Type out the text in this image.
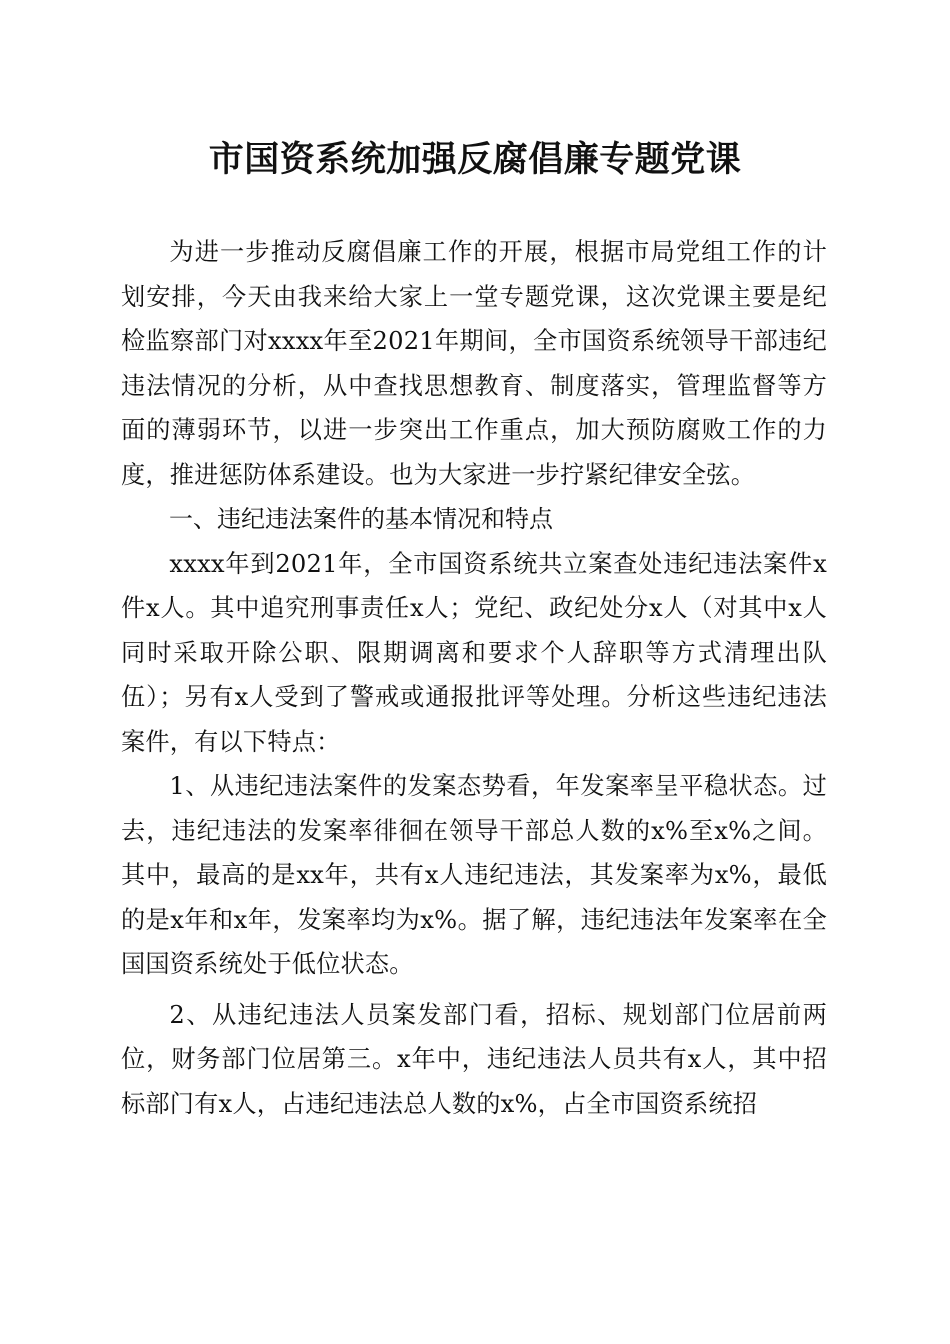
市国资系统加强反腐倡廉专题党课

为进一步推动反腐倡廉工作的开展，根据市局党组工作的计划安排，今天由我来给大家上一堂专题党课，这次党课主要是纪检监察部门对xxxx年至2021年期间，全市国资系统领导干部违纪违法情况的分析，从中查找思想教育、制度落实，管理监督等方面的薄弱环节，以进一步突出工作重点，加大预防腐败工作的力度，推进惩防体系建设。也为大家进一步拧紧纪律安全弦。

一、违纪违法案件的基本情况和特点

xxxx年到2021年，全市国资系统共立案查处违纪违法案件x件x人。其中追究刑事责任x人；党纪、政纪处分x人（对其中x人同时采取开除公职、限期调离和要求个人辞职等方式清理出队伍）；另有x人受到了警戒或通报批评等处理。分析这些违纪违法案件，有以下特点：

1、从违纪违法案件的发案态势看，年发案率呈平稳状态。过去，违纪违法的发案率徘徊在领导干部总人数的x%至x%之间。其中，最高的是xx年，共有x人违纪违法，其发案率为x%，最低的是x年和x年，发案率均为x%。据了解，违纪违法年发案率在全国国资系统处于低位状态。

2、从违纪违法人员案发部门看，招标、规划部门位居前两位，财务部门位居第三。x年中，违纪违法人员共有x人，其中招标部门有x人，占违纪违法总人数的x%，占全市国资系统招
